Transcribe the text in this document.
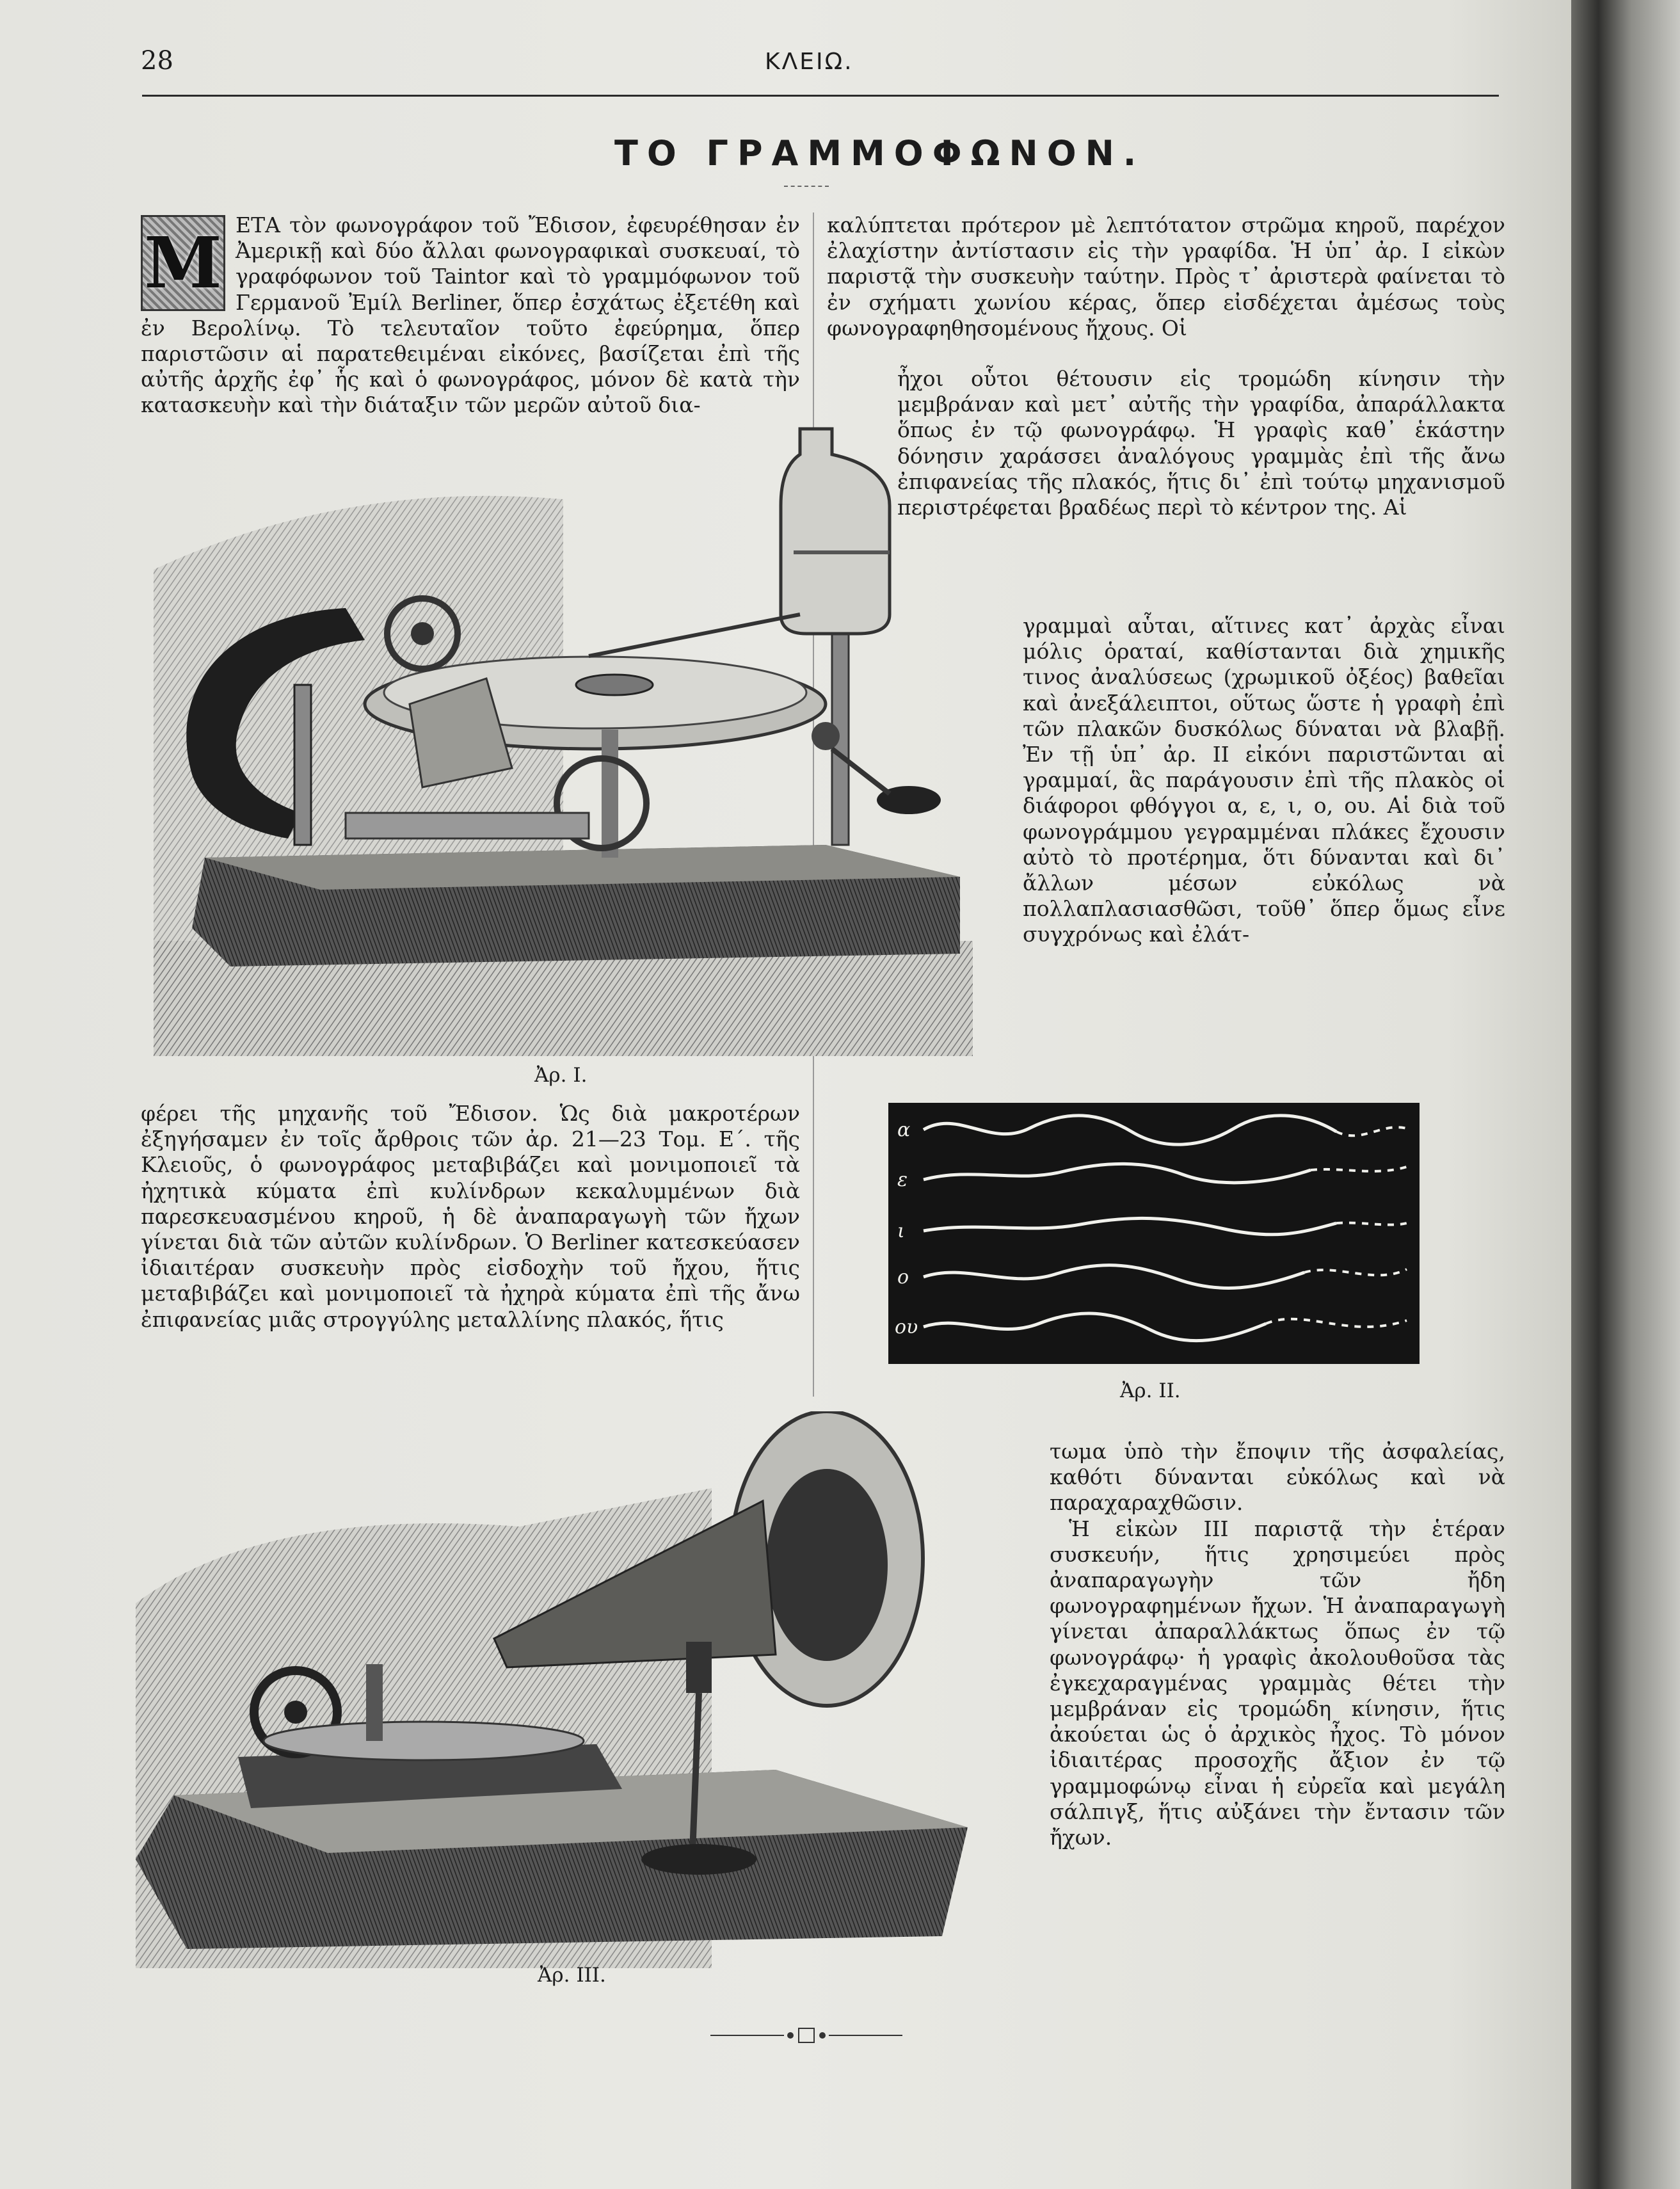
28	ΚΛΕΙΩ.
ΤΟ ΓΡΑΜΜΟΦΩΝΟΝ.
Μ ΕΤΑ τὸν φωνογράφον τοῦ Ἔδισον, ἐφευρέθησαν ἐν Ἀμερικῇ καὶ δύο ἄλλαι φωνογραφικαὶ συσκευαί, τὸ γραφόφωνον τοῦ Taintor καὶ τὸ γραμμόφωνον τοῦ Γερμανοῦ Ἐμίλ Berliner, ὅπερ ἐσχάτως ἐξετέθη καὶ ἐν Βερολίνῳ. Τὸ τελευταῖον τοῦτο ἐφεύρημα, ὅπερ παριστῶσιν αἱ παρατεθειμέναι εἰκόνες, βασίζεται ἐπὶ τῆς αὐτῆς ἀρχῆς ἐφ᾽ ἧς καὶ ὁ φωνογράφος, μόνον δὲ κατὰ τὴν κατασκευὴν καὶ τὴν διάταξιν τῶν μερῶν αὐτοῦ δια-

καλύπτεται πρότερον μὲ λεπτότατον στρῶμα κηροῦ, παρέχον ἐλαχίστην ἀντίστασιν εἰς τὴν γραφίδα. Ἡ ὑπ᾽ ἀρ. I εἰκὼν παριστᾷ τὴν συσκευὴν ταύτην. Πρὸς τ᾽ ἀριστερὰ φαίνεται τὸ ἐν σχήματι χωνίου κέρας, ὅπερ εἰσδέχεται ἀμέσως τοὺς φωνογραφηθησομένους ἤχους. Οἱ

ἦχοι οὗτοι θέτουσιν εἰς τρομώδη κίνησιν τὴν μεμβράναν καὶ μετ᾽ αὐτῆς τὴν γραφίδα, ἀπαράλλακτα ὅπως ἐν τῷ φωνογράφῳ. Ἡ γραφὶς καθ᾽ ἑκάστην δόνησιν χαράσσει ἀναλόγους γραμμὰς ἐπὶ τῆς ἄνω ἐπιφανείας τῆς πλακός, ἥτις δι᾽ ἐπὶ τούτῳ μηχανισμοῦ περιστρέφεται βραδέως περὶ τὸ κέντρον της. Αἱ

γραμμαὶ αὗται, αἵτινες κατ᾽ ἀρχὰς εἶναι μόλις ὁραταί, καθίστανται διὰ χημικῆς τινος ἀναλύσεως (χρωμικοῦ ὀξέος) βαθεῖαι καὶ ἀνεξάλειπτοι, οὕτως ὥστε ἡ γραφὴ ἐπὶ τῶν πλακῶν δυσκόλως δύναται νὰ βλαβῇ. Ἐν τῇ ὑπ᾽ ἀρ. II εἰκόνι παριστῶνται αἱ γραμμαί, ἃς παράγουσιν ἐπὶ τῆς πλακὸς οἱ διάφοροι φθόγγοι α, ε, ι, ο, ου. Αἱ διὰ τοῦ φωνογράμμου γεγραμμέναι πλάκες ἔχουσιν αὐτὸ τὸ προτέρημα, ὅτι δύνανται καὶ δι᾽ ἄλλων μέσων εὐκόλως νὰ πολλαπλασιασθῶσι, τοῦθ᾽ ὅπερ ὅμως εἶνε συγχρόνως καὶ ἐλάτ-

Ἀρ. I.

φέρει τῆς μηχανῆς τοῦ Ἔδισον. Ὡς διὰ μακροτέρων ἐξηγήσαμεν ἐν τοῖς ἄρθροις τῶν ἀρ. 21—23 Τομ. Ε΄. τῆς Κλειοῦς, ὁ φωνογράφος μεταβιβάζει καὶ μονιμοποιεῖ τὰ ἠχητικὰ κύματα ἐπὶ κυλίνδρων κεκαλυμμένων διὰ παρεσκευασμένου κηροῦ, ἡ δὲ ἀναπαραγωγὴ τῶν ἤχων γίνεται διὰ τῶν αὐτῶν κυλίνδρων. Ὁ Berliner κατεσκεύασεν ἰδιαιτέραν συσκευὴν πρὸς εἰσδοχὴν τοῦ ἤχου, ἥτις μεταβιβάζει καὶ μονιμοποιεῖ τὰ ἠχηρὰ κύματα ἐπὶ τῆς ἄνω ἐπιφανείας μιᾶς στρογγύλης μεταλλίνης πλακός, ἥτις

α
ε
ι
ο
ου
Ἀρ. II.
Ἀρ. III.

τωμα ὑπὸ τὴν ἔποψιν τῆς ἀσφαλείας, καθότι δύνανται εὐκόλως καὶ νὰ παραχαραχθῶσιν.

Ἡ εἰκὼν III παριστᾷ τὴν ἑτέραν συσκευήν, ἥτις χρησιμεύει πρὸς ἀναπαραγωγὴν τῶν ἤδη φωνογραφημένων ἤχων. Ἡ ἀναπαραγωγὴ γίνεται ἀπαραλλάκτως ὅπως ἐν τῷ φωνογράφῳ· ἡ γραφὶς ἀκολουθοῦσα τὰς ἐγκεχαραγμένας γραμμὰς θέτει τὴν μεμβράναν εἰς τρομώδη κίνησιν, ἥτις ἀκούεται ὡς ὁ ἀρχικὸς ἦχος. Τὸ μόνον ἰδιαιτέρας προσοχῆς ἄξιον ἐν τῷ γραμμοφώνῳ εἶναι ἡ εὐρεῖα καὶ μεγάλη σάλπιγξ, ἥτις αὐξάνει τὴν ἔντασιν τῶν ἤχων.
